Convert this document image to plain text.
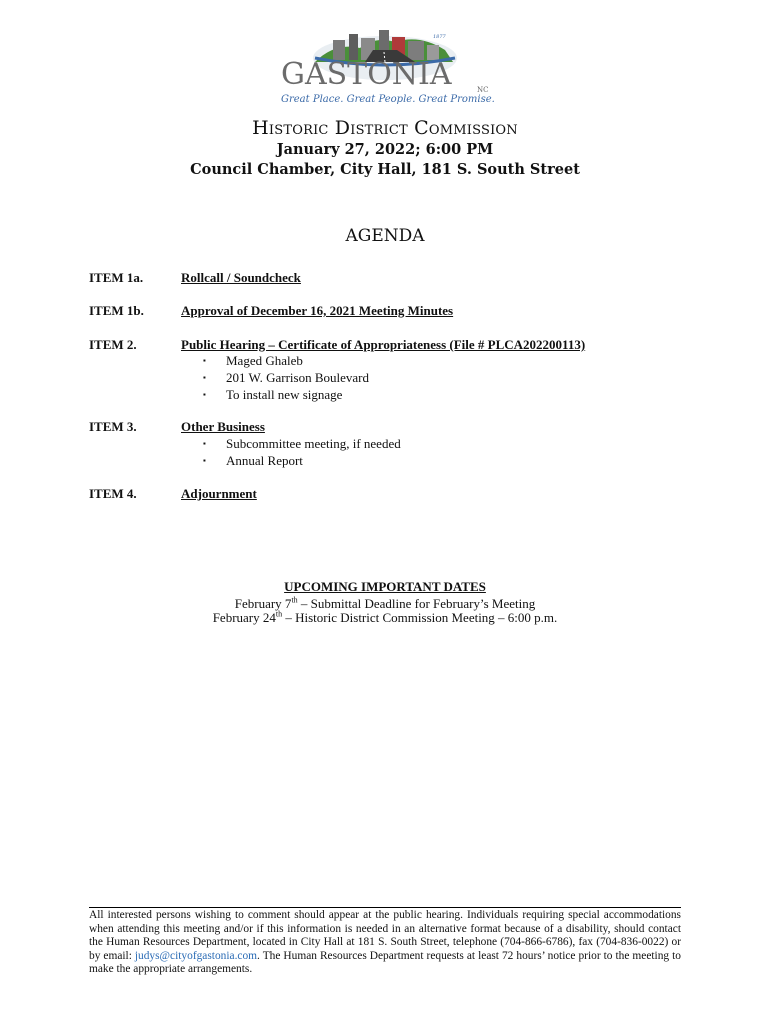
1877
GASTONIA	NC
Great Place. Great People. Great Promise.
Historic District Commission
January 27, 2022; 6:00 PM
Council Chamber, City Hall, 181 S. South Street
AGENDA
ITEM 1a.	Rollcall / Soundcheck
ITEM 1b.	Approval of December 16, 2021 Meeting Minutes
ITEM 2.	Public Hearing – Certificate of Appropriateness (File # PLCA202200113)
▪ Maged Ghaleb
▪ 201 W. Garrison Boulevard
▪ To install new signage
ITEM 3.	Other Business
▪ Subcommittee meeting, if needed
▪ Annual Report
ITEM 4.	Adjournment
UPCOMING IMPORTANT DATES
February 7th – Submittal Deadline for February’s Meeting
February 24th – Historic District Commission Meeting – 6:00 p.m.
All interested persons wishing to comment should appear at the public hearing. Individuals requiring special accommodations when attending this meeting and/or if this information is needed in an alternative format because of a disability, should contact the Human Resources Department, located in City Hall at 181 S. South Street, telephone (704-866-6786), fax (704-836-0022) or by email: judys@cityofgastonia.com. The Human Resources Department requests at least 72 hours’ notice prior to the meeting to make the appropriate arrangements.
